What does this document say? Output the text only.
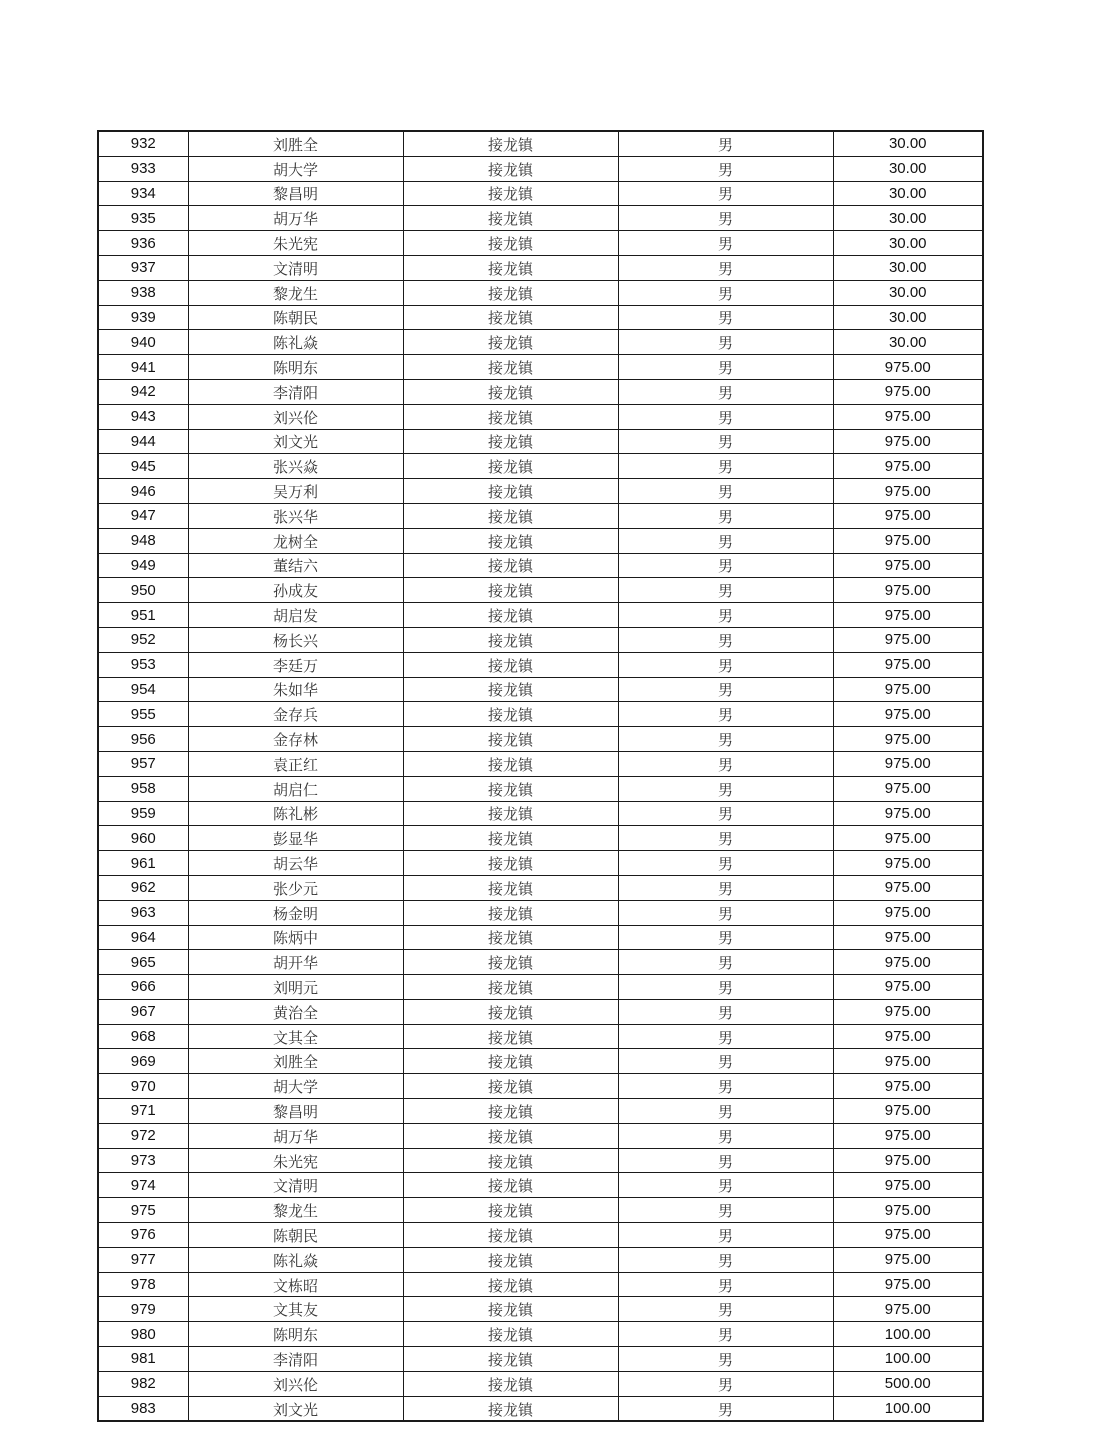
932	刘胜全	接龙镇	男	30.00
933	胡大学	接龙镇	男	30.00
934	黎昌明	接龙镇	男	30.00
935	胡万华	接龙镇	男	30.00
936	朱光宪	接龙镇	男	30.00
937	文清明	接龙镇	男	30.00
938	黎龙生	接龙镇	男	30.00
939	陈朝民	接龙镇	男	30.00
940	陈礼焱	接龙镇	男	30.00
941	陈明东	接龙镇	男	975.00
942	李清阳	接龙镇	男	975.00
943	刘兴伦	接龙镇	男	975.00
944	刘文光	接龙镇	男	975.00
945	张兴焱	接龙镇	男	975.00
946	吴万利	接龙镇	男	975.00
947	张兴华	接龙镇	男	975.00
948	龙树全	接龙镇	男	975.00
949	董结六	接龙镇	男	975.00
950	孙成友	接龙镇	男	975.00
951	胡启发	接龙镇	男	975.00
952	杨长兴	接龙镇	男	975.00
953	李廷万	接龙镇	男	975.00
954	朱如华	接龙镇	男	975.00
955	金存兵	接龙镇	男	975.00
956	金存林	接龙镇	男	975.00
957	袁正红	接龙镇	男	975.00
958	胡启仁	接龙镇	男	975.00
959	陈礼彬	接龙镇	男	975.00
960	彭显华	接龙镇	男	975.00
961	胡云华	接龙镇	男	975.00
962	张少元	接龙镇	男	975.00
963	杨金明	接龙镇	男	975.00
964	陈炳中	接龙镇	男	975.00
965	胡开华	接龙镇	男	975.00
966	刘明元	接龙镇	男	975.00
967	黄治全	接龙镇	男	975.00
968	文其全	接龙镇	男	975.00
969	刘胜全	接龙镇	男	975.00
970	胡大学	接龙镇	男	975.00
971	黎昌明	接龙镇	男	975.00
972	胡万华	接龙镇	男	975.00
973	朱光宪	接龙镇	男	975.00
974	文清明	接龙镇	男	975.00
975	黎龙生	接龙镇	男	975.00
976	陈朝民	接龙镇	男	975.00
977	陈礼焱	接龙镇	男	975.00
978	文栋昭	接龙镇	男	975.00
979	文其友	接龙镇	男	975.00
980	陈明东	接龙镇	男	100.00
981	李清阳	接龙镇	男	100.00
982	刘兴伦	接龙镇	男	500.00
983	刘文光	接龙镇	男	100.00
